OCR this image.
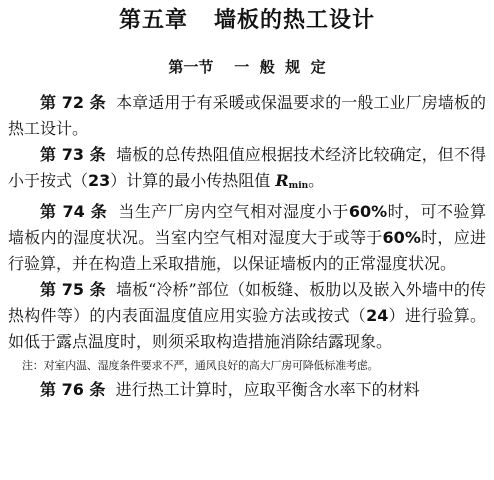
第五章   墙板的热工设计
第一节    一  般  规  定

第 72 条 本章适用于有采暖或保温要求的一般工业厂房墙板的热工设计。

第 73 条 墙板的总传热阻值应根据技术经济比较确定，但不得小于按式（23）计算的最小传热阻值 $R_{min}$。

第 74 条 当生产厂房内空气相对湿度小于60%时，可不验算墙板内的湿度状况。当室内空气相对湿度大于或等于60%时，应进行验算，并在构造上采取措施，以保证墙板内的正常湿度状况。

第 75 条 墙板“冷桥”部位（如板缝、板肋以及嵌入外墙中的传热构件等）的内表面温度值应用实验方法或按式（24）进行验算。如低于露点温度时，则须采取构造措施消除结露现象。

注：对室内温、湿度条件要求不严，通风良好的高大厂房可降低标准考虑。

第 76 条 进行热工计算时，应取平衡含水率下的材料
